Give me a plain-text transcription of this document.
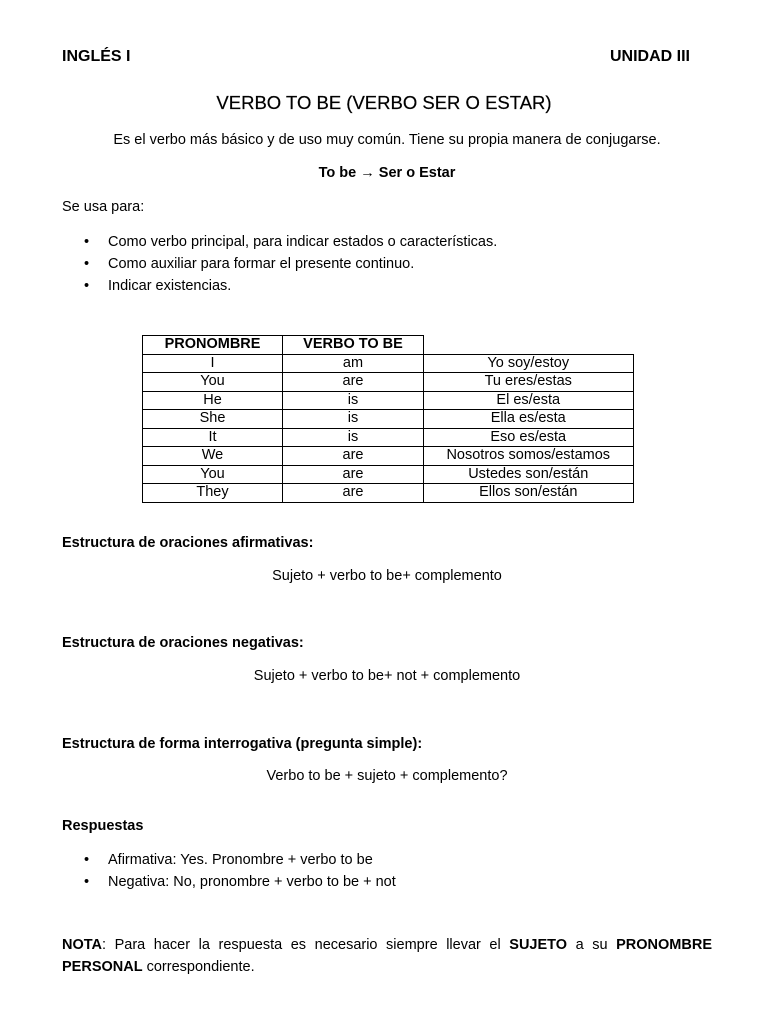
INGLÉS I	UNIDAD III
VERBO TO BE (VERBO SER O ESTAR)
Es el verbo más básico y de uso muy común. Tiene su propia manera de conjugarse.
To be → Ser o Estar
Se usa para:
• Como verbo principal, para indicar estados o características.
• Como auxiliar para formar el presente continuo.
• Indicar existencias.
PRONOMBRE	VERBO TO BE	
I	am	Yo soy/estoy
You	are	Tu eres/estas
He	is	El es/esta
She	is	Ella es/esta
It	is	Eso es/esta
We	are	Nosotros somos/estamos
You	are	Ustedes son/están
They	are	Ellos son/están
Estructura de oraciones afirmativas:
Sujeto + verbo to be+ complemento
Estructura de oraciones negativas:
Sujeto + verbo to be+ not + complemento
Estructura de forma interrogativa (pregunta simple):
Verbo to be + sujeto + complemento?
Respuestas
• Afirmativa: Yes. Pronombre + verbo to be
• Negativa: No, pronombre + verbo to be + not
NOTA: Para hacer la respuesta es necesario siempre llevar el SUJETO a su PRONOMBRE PERSONAL correspondiente.
